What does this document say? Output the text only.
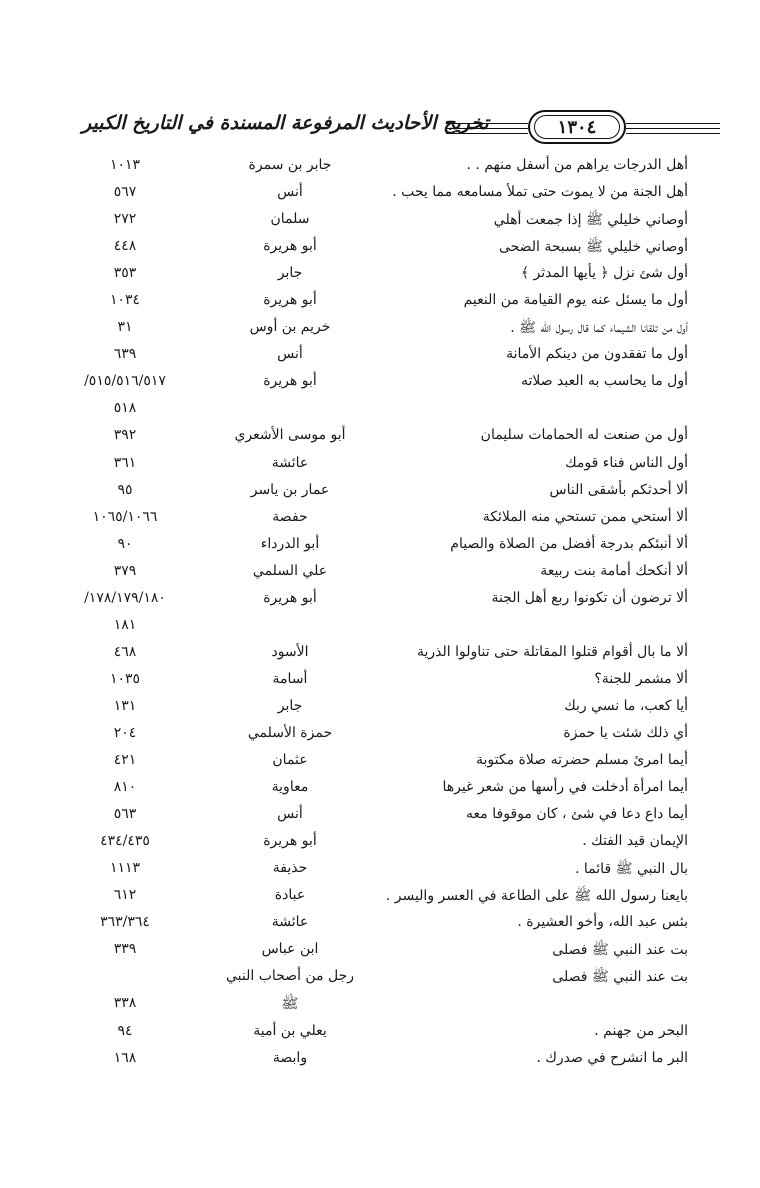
تخريج الأحاديث المرفوعة المسندة في التاريخ الكبير	١٣٠٤
أهل الدرجات يراهم من أسفل منهم . .
جابر بن سمرة
١٠١٣
أهل الجنة من لا يموت حتى تملأ مسامعه مما يحب .
أنس
٥٦٧
أوصاني خليلي ﷺ إذا جمعت أهلي
سلمان
٢٧٢
أوصاني خليلي ﷺ بسبحة الضحى
أبو هريرة
٤٤٨
أول شئ نزل ﴿ يأيها المدثر ﴾
جابر
٣٥٣
أول ما يسئل عنه يوم القيامة من النعيم
أبو هريرة
١٠٣٤
أول من تلقانا الشيماء كما قال رسول الله ﷺ .
خريم بن أوس
٣١
أول ما تفقدون من دينكم الأمانة
أنس
٦٣٩
أول ما يحاسب به العبد صلاته
أبو هريرة
٥١٥/٥١٦/٥١٧/
٥١٨
أول من صنعت له الحمامات سليمان
أبو موسى الأشعري
٣٩٢
أول الناس فناء قومك
عائشة
٣٦١
ألا أحدثكم بأشقى الناس
عمار بن ياسر
٩٥
ألا أستحي ممن تستحي منه الملائكة
حفصة
١٠٦٥/١٠٦٦
ألا أنبئكم بدرجة أفضل من الصلاة والصيام
أبو الدرداء
٩٠
ألا أنكحك أمامة بنت ربيعة
علي السلمي
٣٧٩
ألا ترضون أن تكونوا ربع أهل الجنة
أبو هريرة
١٧٨/١٧٩/١٨٠/
١٨١
ألا ما بال أقوام قتلوا المقاتلة حتى تناولوا الذرية
الأسود
٤٦٨
ألا مشمر للجنة؟
أسامة
١٠٣٥
أيا كعب، ما نسي ربك
جابر
١٣١
أي ذلك شئت يا حمزة
حمزة الأسلمي
٢٠٤
أيما امرئ مسلم حضرته صلاة مكتوبة
عثمان
٤٢١
أيما امرأة أدخلت في رأسها من شعر غيرها
معاوية
٨١٠
أيما داع دعا في شئ ، كان موقوفا معه
أنس
٥٦٣
الإيمان قيد الفتك .
أبو هريرة
٤٣٤/٤٣٥
بال النبي ﷺ قائما .
حذيفة
١١١٣
بايعنا رسول الله ﷺ على الطاعة في العسر واليسر .
عبادة
٦١٢
بئس عبد الله، وأخو العشيرة .
عائشة
٣٦٣/٣٦٤
بت عند النبي ﷺ فصلى
ابن عباس
٣٣٩
بت عند النبي ﷺ فصلى
رجل من أصحاب النبي
ﷺ
٣٣٨
البحر من جهنم .
يعلي بن أمية
٩٤
البر ما انشرح في صدرك .
وابصة
١٦٨
